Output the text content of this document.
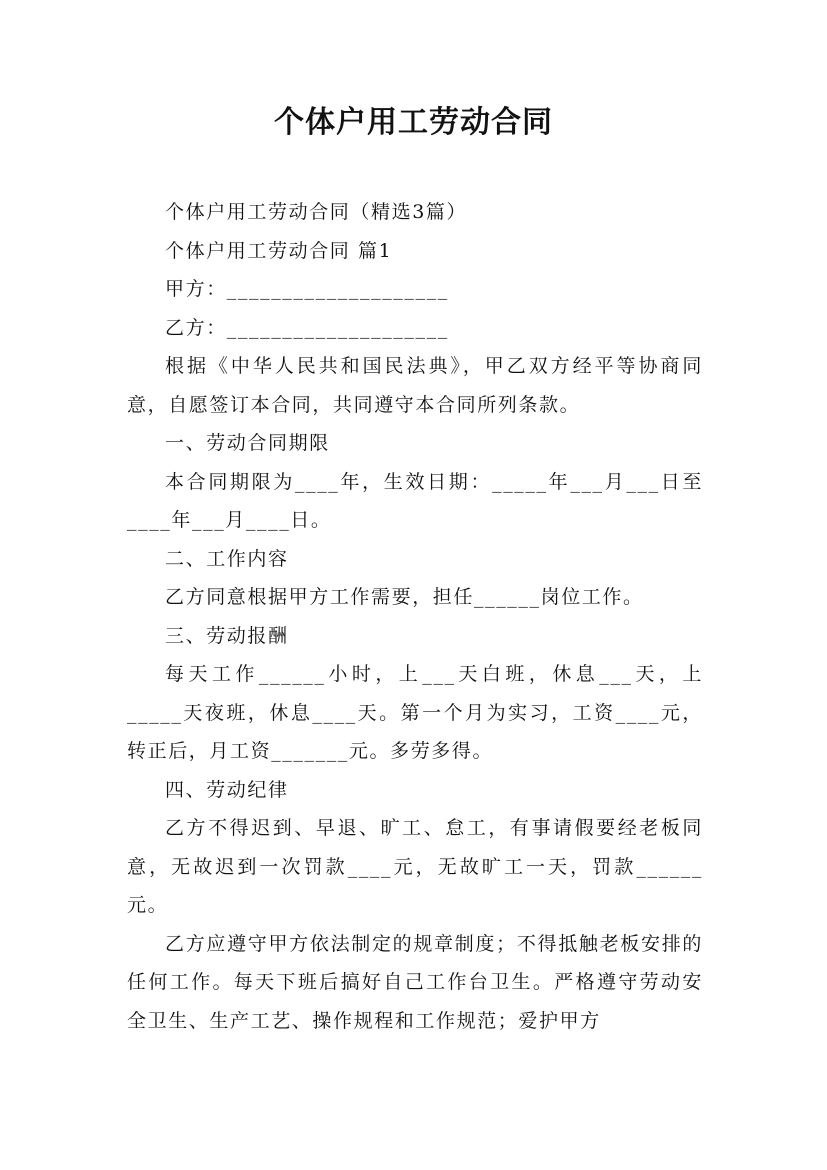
个体户用工劳动合同

个体户用工劳动合同（精选3篇）

个体户用工劳动合同 篇1

甲方：____________________

乙方：____________________

根据《中华人民共和国民法典》，甲乙双方经平等协商同意，自愿签订本合同，共同遵守本合同所列条款。

一、劳动合同期限

本合同期限为____年，生效日期：_____年___月___日至____年___月____日。

二、工作内容

乙方同意根据甲方工作需要，担任______岗位工作。

三、劳动报酬

每天工作______小时，上___天白班，休息___天，上_____天夜班，休息____天。第一个月为实习，工资____元，转正后，月工资_______元。多劳多得。

四、劳动纪律

乙方不得迟到、早退、旷工、怠工，有事请假要经老板同意，无故迟到一次罚款____元，无故旷工一天，罚款______元。

乙方应遵守甲方依法制定的规章制度；不得抵触老板安排的任何工作。每天下班后搞好自己工作台卫生。严格遵守劳动安全卫生、生产工艺、操作规程和工作规范；爱护甲方
